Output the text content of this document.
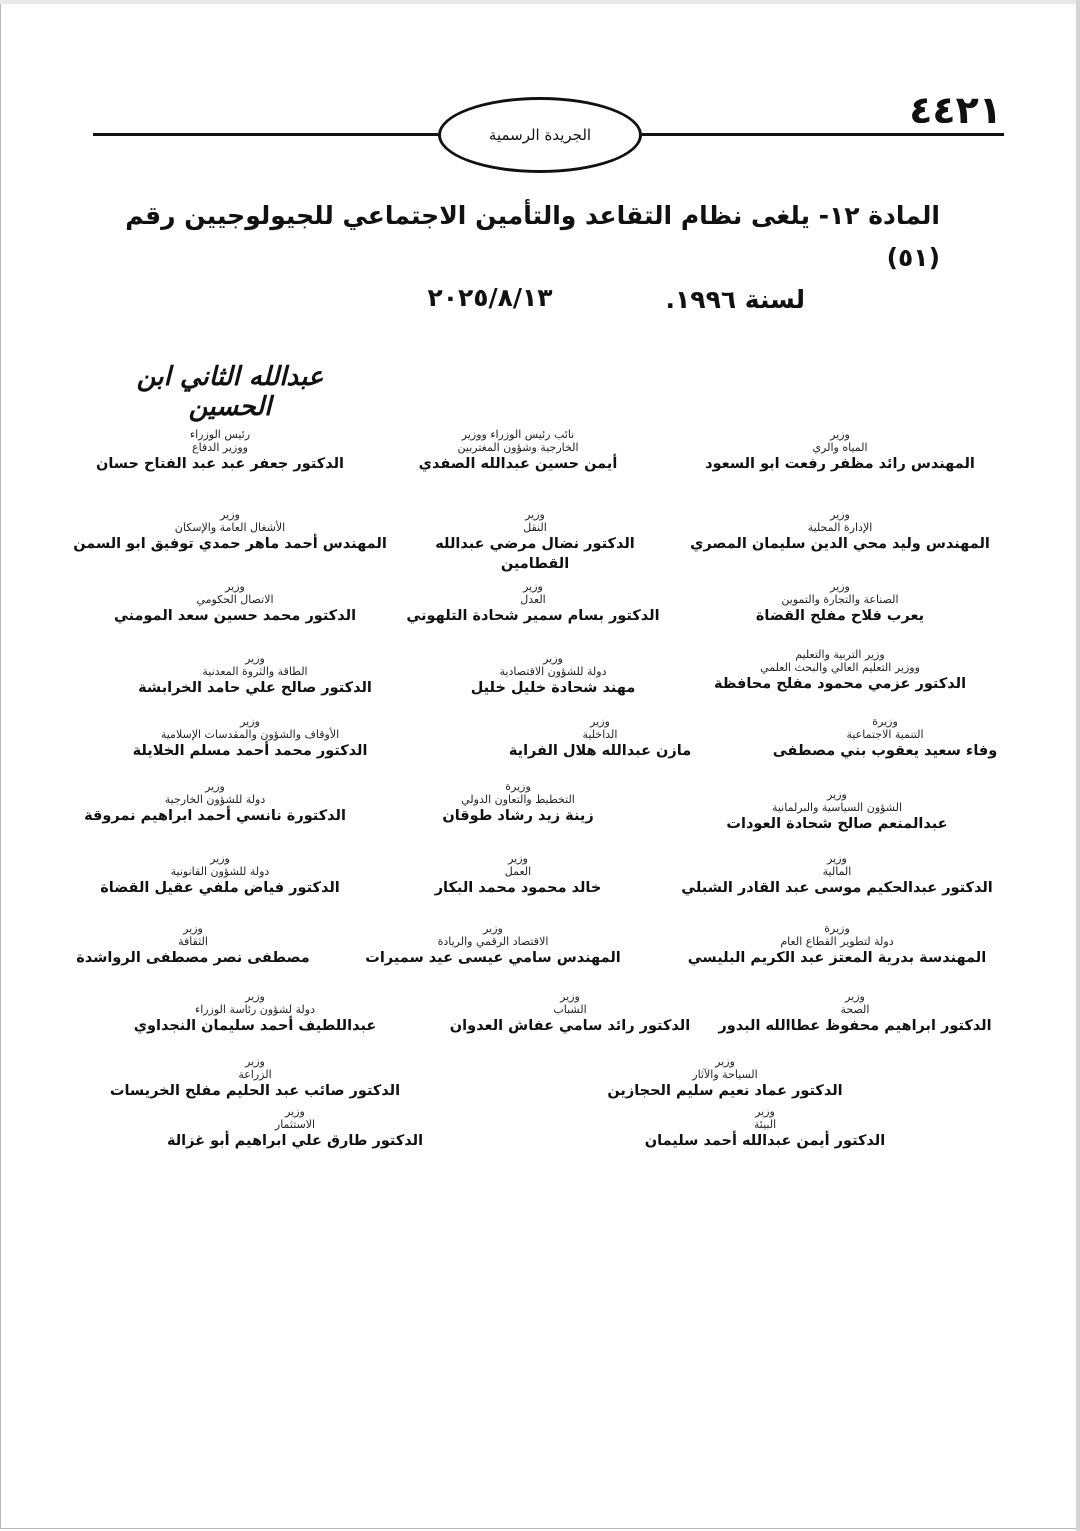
٤٤٢١
الجريدة الرسمية
المادة ١٢- يلغى نظام التقاعد والتأمين الاجتماعي للجيولوجيين رقم (٥١)
لسنة ١٩٩٦.
٢٠٢٥/٨/١٣
عبدالله الثاني ابن الحسين
رئيس الوزراء
ووزير الدفاع
الدكتور جعفر عبد عبد الفتاح حسان
نائب رئيس الوزراء ووزير
الخارجية وشؤون المغتربين
أيمن حسين عبدالله الصفدي
وزير
المياه والري
المهندس رائد مظفر رفعت ابو السعود
وزير
الأشغال العامة والإسكان
المهندس أحمد ماهر حمدي توفيق ابو السمن
وزير
النقل
الدكتور نضال مرضي عبدالله القطامين
وزير
الإدارة المحلية
المهندس وليد محي الدين سليمان المصري
وزير
الاتصال الحكومي
الدكتور محمد حسين سعد المومني
وزير
العدل
الدكتور بسام سمير شحادة التلهوني
وزير
الصناعة والتجارة والتموين
يعرب فلاح مفلح القضاة
وزير
الطاقة والثروة المعدنية
الدكتور صالح علي حامد الخرابشة
وزير
دولة للشؤون الاقتصادية
مهند شحادة خليل خليل
وزير التربية والتعليم
ووزير التعليم العالي والبحث العلمي
الدكتور عزمي محمود مفلح محافظة
وزير
الأوقاف والشؤون والمقدسات الإسلامية
الدكتور محمد أحمد مسلم الخلايلة
وزير
الداخلية
مازن عبدالله هلال الفراية
وزيرة
التنمية الاجتماعية
وفاء سعيد يعقوب بني مصطفى
وزير
دولة للشؤون الخارجية
الدكتورة نانسي أحمد ابراهيم نمروقة
وزيرة
التخطيط والتعاون الدولي
زينة زيد رشاد طوقان
وزير
الشؤون السياسية والبرلمانية
عبدالمنعم صالح شحادة العودات
وزير
دولة للشؤون القانونية
الدكتور فياض ملفي عقيل القضاة
وزير
العمل
خالد محمود محمد البكار
وزير
المالية
الدكتور عبدالحكيم موسى عبد القادر الشبلي
وزير
الثقافة
مصطفى نصر مصطفى الرواشدة
وزير
الاقتصاد الرقمي والريادة
المهندس سامي عيسى عيد سميرات
وزيرة
دولة لتطوير القطاع العام
المهندسة بدرية المعتز عبد الكريم البليسي
وزير
دولة لشؤون رئاسة الوزراء
عبداللطيف أحمد سليمان النجداوي
وزير
الشباب
الدكتور رائد سامي عفاش العدوان
وزير
الصحة
الدكتور ابراهيم محفوظ عطاالله البدور
وزير
الزراعة
الدكتور صائب عبد الحليم مفلح الخريسات
وزير
السياحة والآثار
الدكتور عماد نعيم سليم الحجازين
وزير
الاستثمار
الدكتور طارق علي ابراهيم أبو غزالة
وزير
البيئة
الدكتور أيمن عبدالله أحمد سليمان
